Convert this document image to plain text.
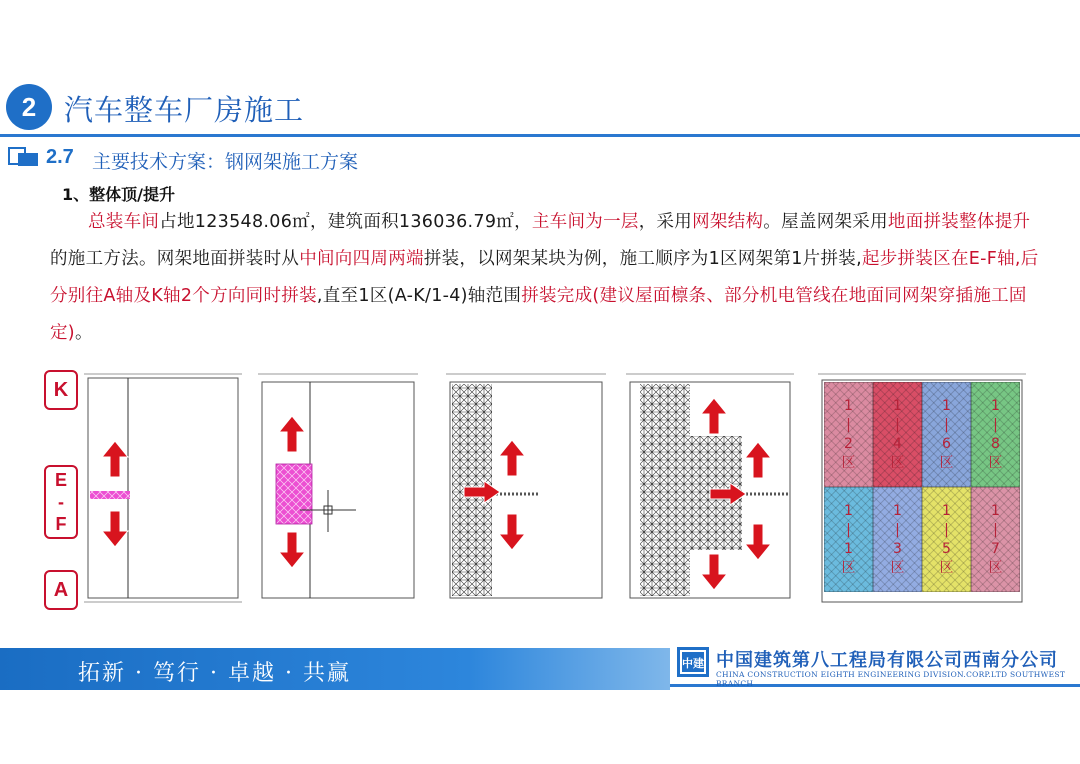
2 汽车整车厂房施工
2.7 主要技术方案：钢网架施工方案
1、整体顶/提升
总装车间占地123548.06㎡，建筑面积136036.79㎡，主车间为一层，采用网架结构。屋盖网架采用地面拼装整体提升的施工方法。网架地面拼装时从中间向四周两端拼装，以网架某块为例，施工顺序为1区网架第1片拼装,起步拼装区在E-F轴,后分别往A轴及K轴2个方向同时拼装,直至1区(A-K/1-4)轴范围拼装完成(建议屋面檩条、部分机电管线在地面同网架穿插施工固定)。
K
E
-
F
A
1
|
2
区
1
|
4
区
1
|
6
区
1
|
8
区
1
|
1
区
1
|
3
区
1
|
5
区
1
|
7
区
拓新 · 笃行 · 卓越 · 共赢	中建 中国建筑第八工程局有限公司西南分公司
CHINA CONSTRUCTION EIGHTH ENGINEERING DIVISION.CORP.LTD SOUTHWEST BRANCH
